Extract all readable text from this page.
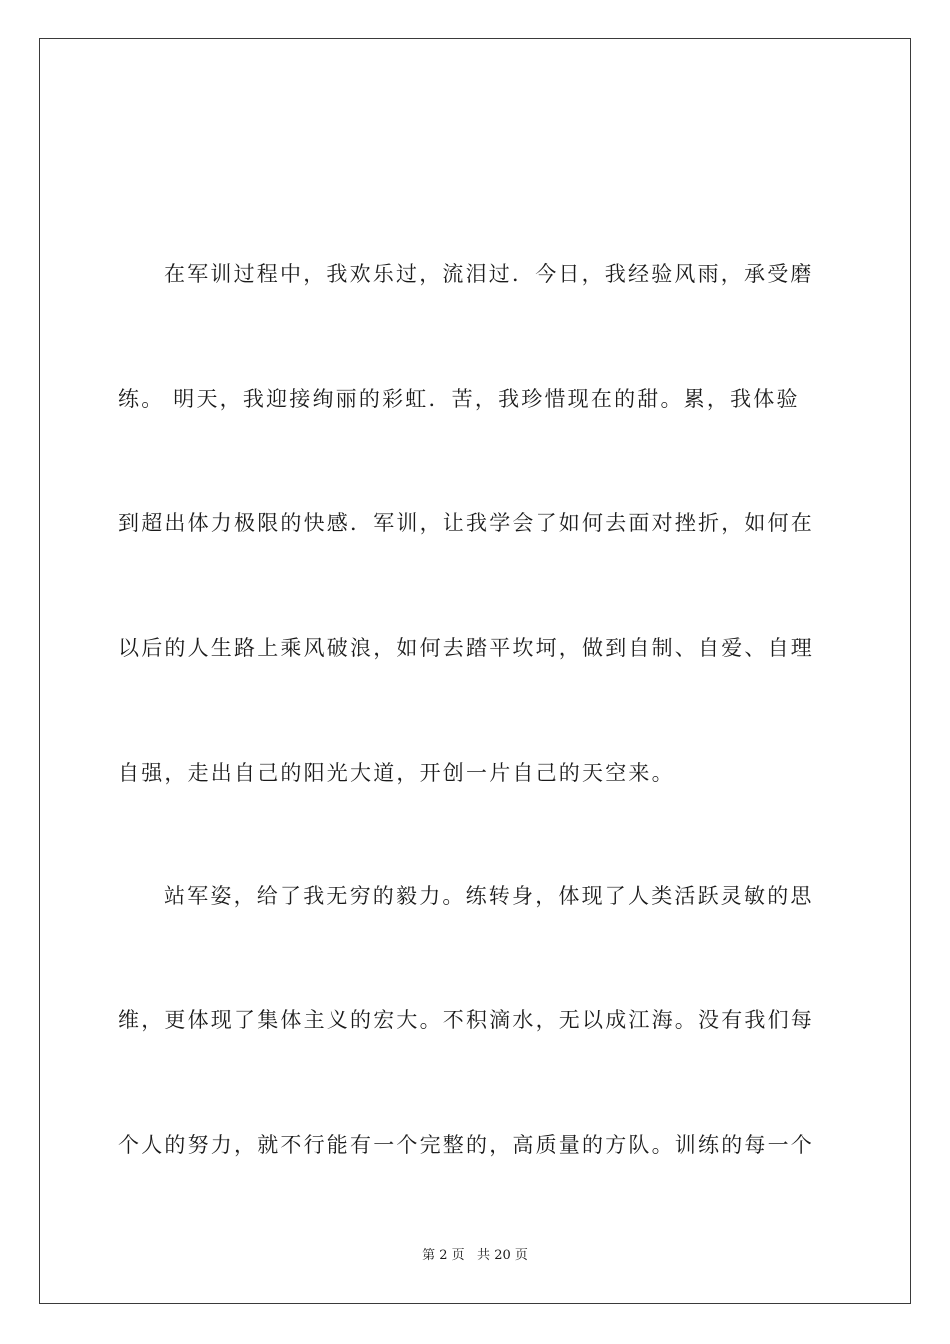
在军训过程中，我欢乐过，流泪过．今日，我经验风雨，承受磨
练。 明天，我迎接绚丽的彩虹．苦，我珍惜现在的甜。累，我体验
到超出体力极限的快感．军训，让我学会了如何去面对挫折，如何在
以后的人生路上乘风破浪，如何去踏平坎坷，做到自制、自爱、自理
自强，走出自己的阳光大道，开创一片自己的天空来。
站军姿，给了我无穷的毅力。练转身，体现了人类活跃灵敏的思
维，更体现了集体主义的宏大。不积滴水，无以成江海。没有我们每
个人的努力，就不行能有一个完整的，高质量的方队。训练的每一个
第 2 页   共 20 页
